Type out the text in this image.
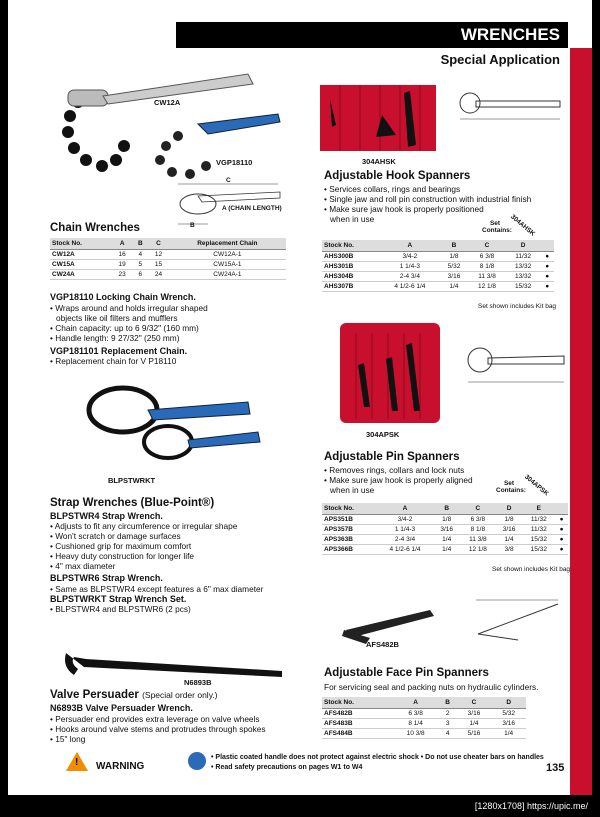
WRENCHES
Special Application
CW12A
VGP18110
C
A (CHAIN LENGTH)
B
Chain Wrenches
Stock No.	A	B	C	Replacement Chain
CW12A	16	4	12	CW12A-1
CW15A	19	5	15	CW15A-1
CW24A	23	6	24	CW24A-1
VGP18110 Locking Chain Wrench.
• Wraps around and holds irregular shaped
objects like oil filters and mufflers
• Chain capacity: up to 6 9/32" (160 mm)
• Handle length: 9 27/32" (250 mm)
VGP181101 Replacement Chain.
• Replacement chain for V P18110
BLPSTWRKT
Strap Wrenches (Blue-Point®)
BLPSTWR4 Strap Wrench.
• Adjusts to fit any circumference or irregular shape
• Won't scratch or damage surfaces
• Cushioned grip for maximum comfort
• Heavy duty construction for longer life
• 4" max diameter
BLPSTWR6 Strap Wrench.
• Same as BLPSTWR4 except features a 6" max diameter
BLPSTWRKT Strap Wrench Set.
• BLPSTWR4 and BLPSTWR6 (2 pcs)
N6893B
Valve Persuader (Special order only.)
N6893B Valve Persuader Wrench.
• Persuader end provides extra leverage on valve wheels
• Hooks around valve stems and protrudes through spokes
• 15" long
304AHSK
Adjustable Hook Spanners
• Services collars, rings and bearings
• Single jaw and roll pin construction with industrial finish
• Make sure jaw hook is properly positioned
when in use	Set Contains:
304AHSK
Stock No.	A	B	C	D	
AHS300B	3/4-2	1/8	6 3/8	11/32	●
AHS301B	1 1/4-3	5/32	8 1/8	13/32	●
AHS304B	2-4 3/4	3/16	11 3/8	13/32	●
AHS307B	4 1/2-6 1/4	1/4	12 1/8	15/32	●
Set shown includes Kit bag
304APSK
Adjustable Pin Spanners
• Removes rings, collars and lock nuts
• Make sure jaw hook is properly aligned
when in use
Set Contains:
304APSK
Stock No.	A	B	C	D	E	
APS351B	3/4-2	1/8	6 3/8	1/8	11/32	●
APS357B	1 1/4-3	3/16	8 1/8	3/16	11/32	●
APS363B	2-4 3/4	1/4	11 3/8	1/4	15/32	●
APS366B	4 1/2-6 1/4	1/4	12 1/8	3/8	15/32	●
Set shown includes Kit bag
AFS482B
Adjustable Face Pin Spanners
For servicing seal and packing nuts on hydraulic cylinders.
Stock No.	A	B	C	D
AFS482B	6 3/8	2	3/16	5/32
AFS483B	8 1/4	3	1/4	3/16
AFS484B	10 3/8	4	5/16	1/4
! WARNING
• Plastic coated handle does not protect against electric shock • Do not use cheater bars on handles
• Read safety precautions on pages W1 to W4	135
[1280x1708] https://upic.me/
